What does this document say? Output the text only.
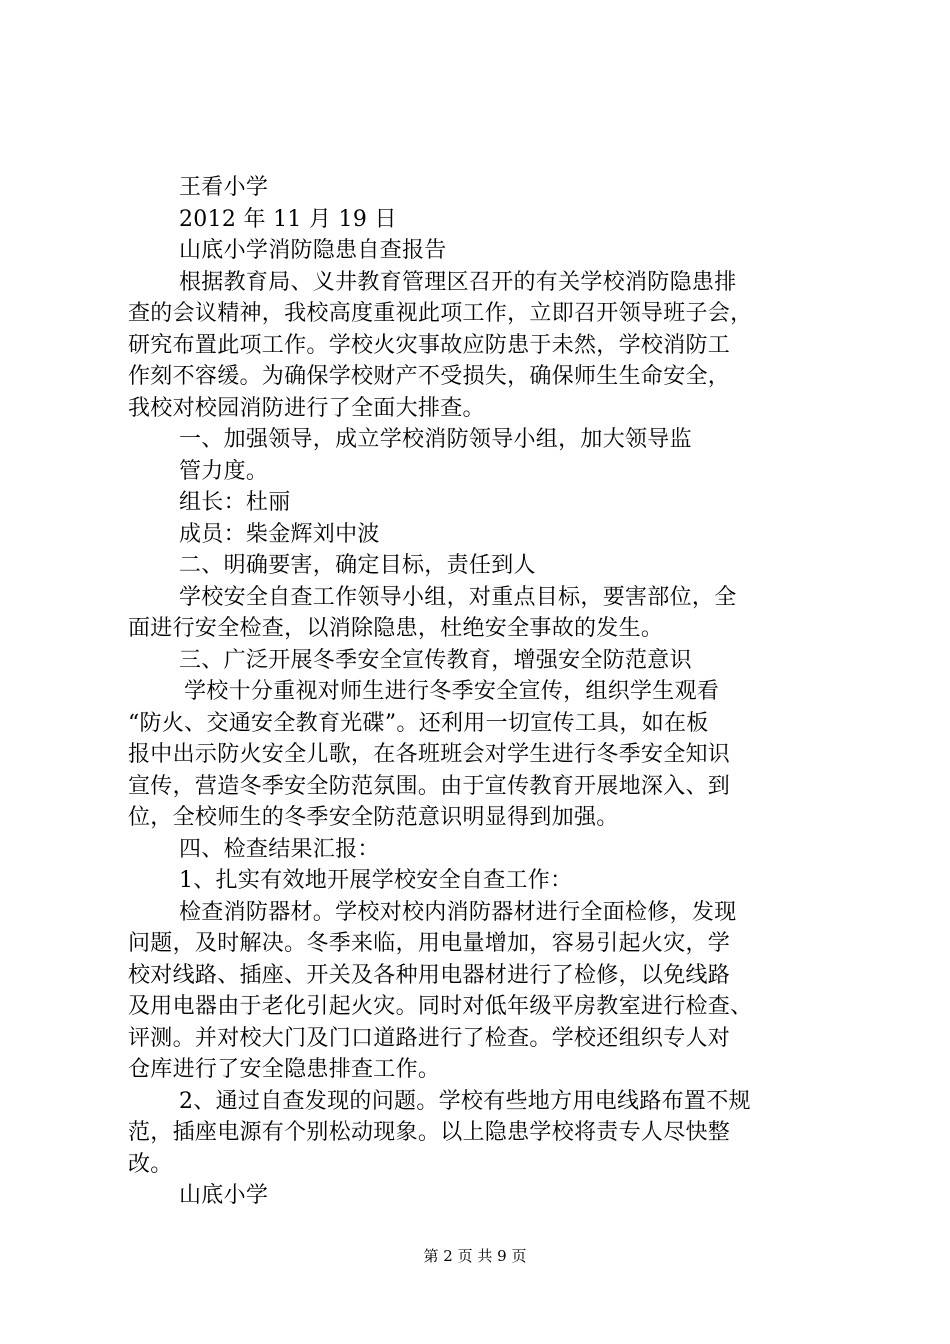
王看小学
2012 年 11 月 19 日
山底小学消防隐患自查报告
根据教育局、义井教育管理区召开的有关学校消防隐患排
查的会议精神，我校高度重视此项工作，立即召开领导班子会，
研究布置此项工作。学校火灾事故应防患于未然，学校消防工
作刻不容缓。为确保学校财产不受损失，确保师生生命安全，
我校对校园消防进行了全面大排查。
一、加强领导，成立学校消防领导小组，加大领导监
管力度。
组长：杜丽
成员：柴金辉刘中波
二、明确要害，确定目标，责任到人
学校安全自查工作领导小组，对重点目标，要害部位，全
面进行安全检查，以消除隐患，杜绝安全事故的发生。
三、广泛开展冬季安全宣传教育，增强安全防范意识
学校十分重视对师生进行冬季安全宣传，组织学生观看
“防火、交通安全教育光碟”。还利用一切宣传工具，如在板
报中出示防火安全儿歌，在各班班会对学生进行冬季安全知识
宣传，营造冬季安全防范氛围。由于宣传教育开展地深入、到
位，全校师生的冬季安全防范意识明显得到加强。
四、检查结果汇报：
1、扎实有效地开展学校安全自查工作：
检查消防器材。学校对校内消防器材进行全面检修，发现
问题，及时解决。冬季来临，用电量增加，容易引起火灾，学
校对线路、插座、开关及各种用电器材进行了检修，以免线路
及用电器由于老化引起火灾。同时对低年级平房教室进行检查、
评测。并对校大门及门口道路进行了检查。学校还组织专人对
仓库进行了安全隐患排查工作。
2、通过自查发现的问题。学校有些地方用电线路布置不规
范，插座电源有个别松动现象。以上隐患学校将责专人尽快整
改。
山底小学
第 2 页 共 9 页
